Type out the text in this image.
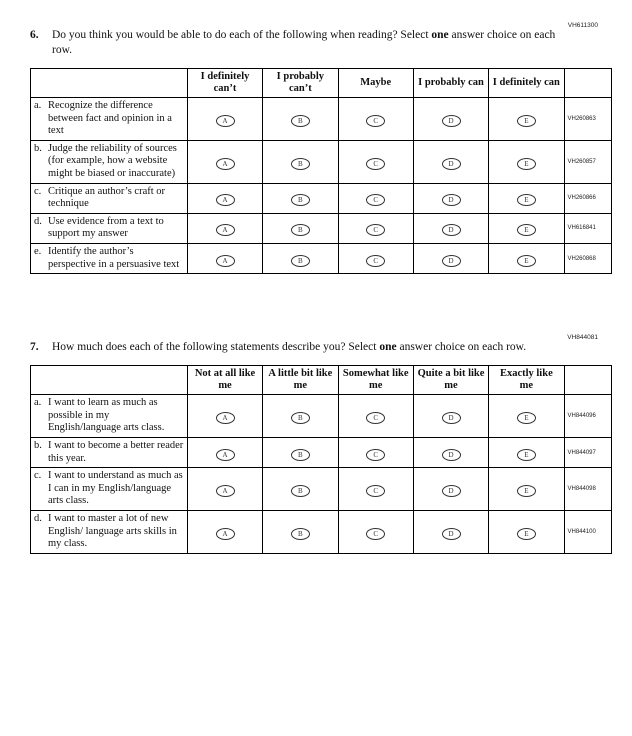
VH611300
6.	Do you think you would be able to do each of the following when reading? Select one answer choice on each row.
	I definitely can’t	I probably can’t	Maybe	I probably can	I definitely can	

a. Recognize the difference between fact and opinion in a text	A	B	C	D	E	VH260863

b. Judge the reliability of sources (for example, how a website might be biased or inaccurate)	A	B	C	D	E	VH260857

c. Critique an author’s craft or technique	A	B	C	D	E	VH260866

d. Use evidence from a text to support my answer	A	B	C	D	E	VH616841

e. Identify the author’s perspective in a persuasive text	A	B	C	D	E	VH260868
VH844081
7.	How much does each of the following statements describe you? Select one answer choice on each row.
	Not at all like me	A little bit like me	Somewhat like me	Quite a bit like me	Exactly like me	

a. I want to learn as much as possible in my English/language arts class.	A	B	C	D	E	VH844096

b. I want to become a better reader this year.	A	B	C	D	E	VH844097

c. I want to understand as much as I can in my English/language arts class.	A	B	C	D	E	VH844098

d. I want to master a lot of new English/ language arts skills in my class.	A	B	C	D	E	VH844100
